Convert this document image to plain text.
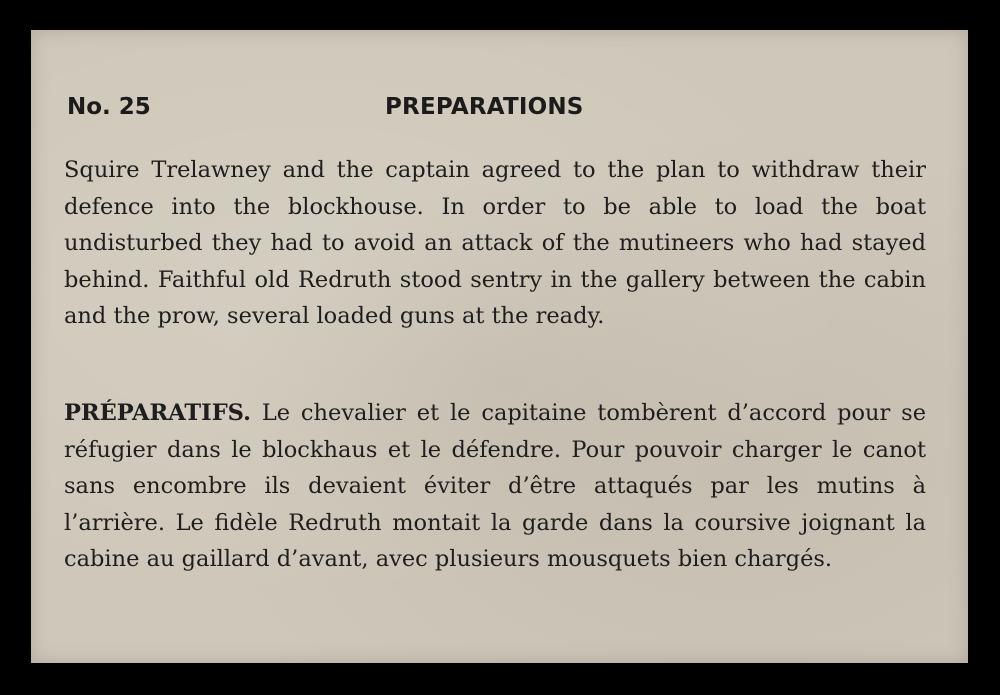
No. 25	PREPARATIONS

Squire Trelawney and the captain agreed to the plan to withdraw their defence into the blockhouse. In order to be able to load the boat undisturbed they had to avoid an attack of the mutineers who had stayed behind. Faithful old Redruth stood sentry in the gallery between the cabin and the prow, several loaded guns at the ready.

PRÉPARATIFS. Le chevalier et le capitaine tombèrent d’accord pour se réfugier dans le blockhaus et le défendre. Pour pouvoir charger le canot sans encombre ils devaient éviter d’être attaqués par les mutins à l’arrière. Le fidèle Redruth montait la garde dans la coursive joignant la cabine au gaillard d’avant, avec plusieurs mousquets bien chargés.
